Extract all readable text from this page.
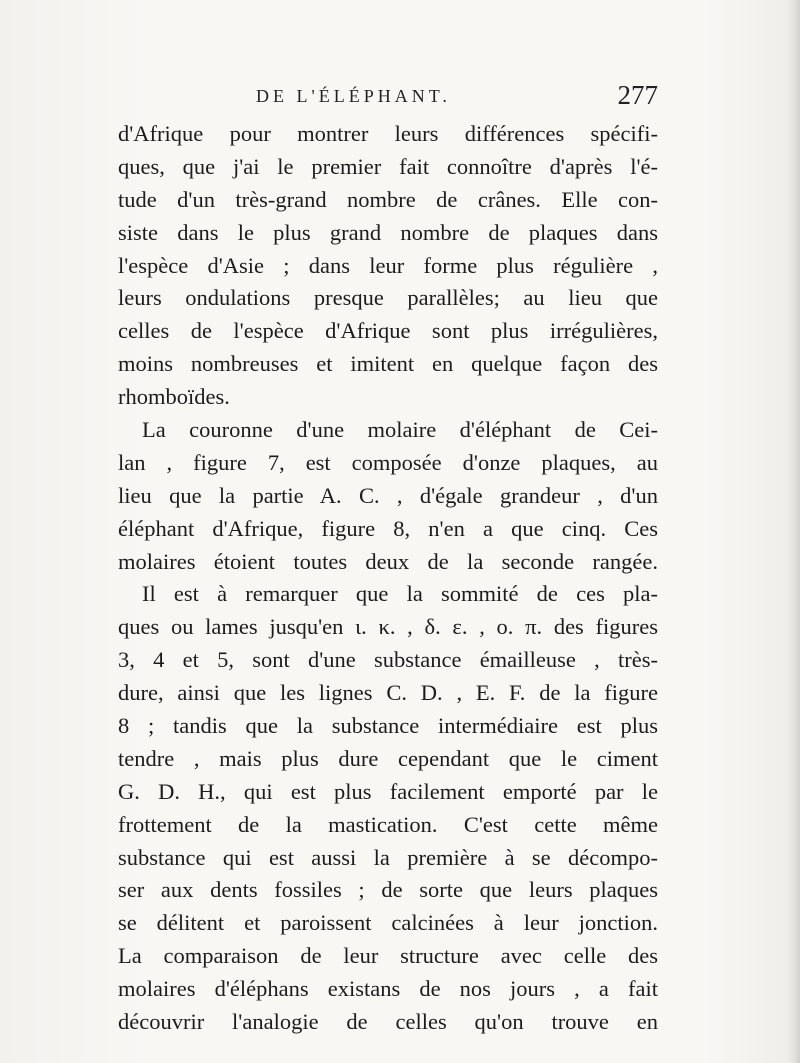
DE L'ÉLÉPHANT.	277
d'Afrique pour montrer leurs différences spécifi-
ques, que j'ai le premier fait connoître d'après l'é-
tude d'un très-grand nombre de crânes. Elle con-
siste dans le plus grand nombre de plaques dans
l'espèce d'Asie ; dans leur forme plus régulière ,
leurs ondulations presque parallèles; au lieu que
celles de l'espèce d'Afrique sont plus irrégulières,
moins nombreuses et imitent en quelque façon des
rhomboïdes.
La couronne d'une molaire d'éléphant de Cei-
lan , figure 7, est composée d'onze plaques, au
lieu que la partie A. C. , d'égale grandeur , d'un
éléphant d'Afrique, figure 8, n'en a que cinq. Ces
molaires étoient toutes deux de la seconde rangée.
Il est à remarquer que la sommité de ces pla-
ques ou lames jusqu'en ι. κ. , δ. ε. , ο. π. des figures
3, 4 et 5, sont d'une substance émailleuse , très-
dure, ainsi que les lignes C. D. , E. F. de la figure
8 ; tandis que la substance intermédiaire est plus
tendre , mais plus dure cependant que le ciment
G. D. H., qui est plus facilement emporté par le
frottement de la mastication. C'est cette même
substance qui est aussi la première à se décompo-
ser aux dents fossiles ; de sorte que leurs plaques
se délitent et paroissent calcinées à leur jonction.
La comparaison de leur structure avec celle des
molaires d'éléphans existans de nos jours , a fait
découvrir l'analogie de celles qu'on trouve en
